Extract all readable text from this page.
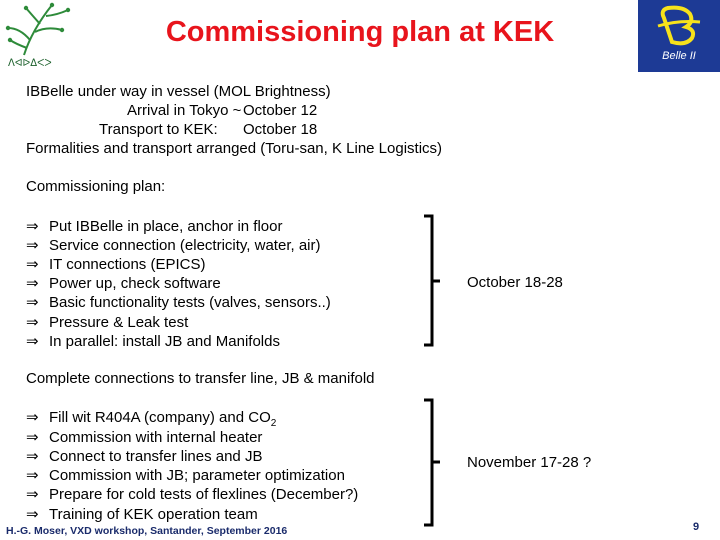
ᐱᐊᐅᐃᐸᐳ
Commissioning plan at KEK
Belle II
IBBelle under way in vessel (MOL Brightness)
Arrival in Tokyo ~ October 12
Transport to KEK: October 18
Formalities and transport arranged (Toru-san, K Line Logistics)
Commissioning plan:
⇒ Put IBBelle in place, anchor in floor
⇒ Service connection (electricity, water, air)
⇒ IT connections (EPICS)
⇒ Power up, check software
⇒ Basic functionality tests (valves, sensors..)
⇒ Pressure & Leak test
⇒ In parallel: install JB and Manifolds
October 18-28
Complete connections to transfer line, JB & manifold
⇒ Fill wit R404A (company) and $CO_2$
⇒ Commission with internal heater
⇒ Connect to transfer lines and JB
⇒ Commission with JB; parameter optimization
⇒ Prepare for cold tests of flexlines (December?)
⇒ Training of KEK operation team
November 17-28 ?
H.-G. Moser, VXD workshop, Santander, September 2016	9
